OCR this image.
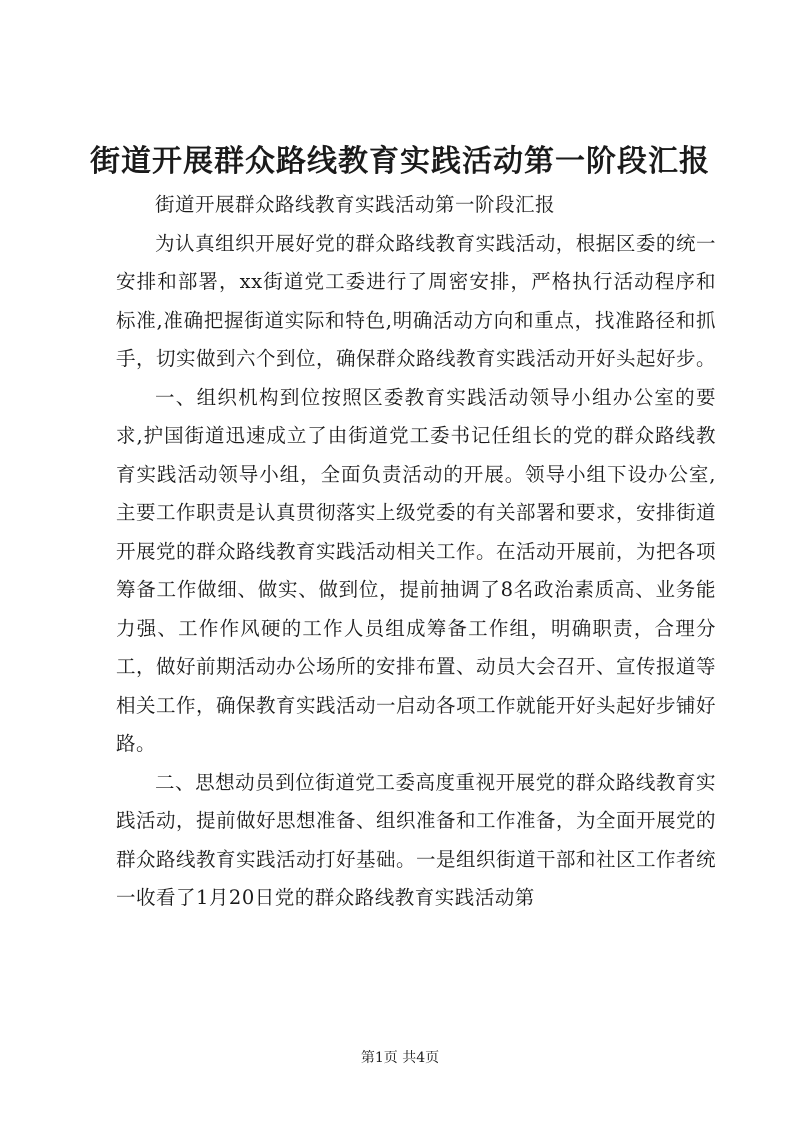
街道开展群众路线教育实践活动第一阶段汇报

街道开展群众路线教育实践活动第一阶段汇报

为认真组织开展好党的群众路线教育实践活动，根据区委的统一安排和部署，xx街道党工委进行了周密安排，严格执行活动程序和标准,准确把握街道实际和特色,明确活动方向和重点，找准路径和抓手，切实做到六个到位，确保群众路线教育实践活动开好头起好步。

一、组织机构到位按照区委教育实践活动领导小组办公室的要求,护国街道迅速成立了由街道党工委书记任组长的党的群众路线教育实践活动领导小组，全面负责活动的开展。领导小组下设办公室,主要工作职责是认真贯彻落实上级党委的有关部署和要求，安排街道开展党的群众路线教育实践活动相关工作。在活动开展前，为把各项筹备工作做细、做实、做到位，提前抽调了8名政治素质高、业务能力强、工作作风硬的工作人员组成筹备工作组，明确职责，合理分工，做好前期活动办公场所的安排布置、动员大会召开、宣传报道等相关工作，确保教育实践活动一启动各项工作就能开好头起好步铺好路。

二、思想动员到位街道党工委高度重视开展党的群众路线教育实践活动，提前做好思想准备、组织准备和工作准备，为全面开展党的群众路线教育实践活动打好基础。一是组织街道干部和社区工作者统一收看了1月20日党的群众路线教育实践活动第

第1页 共4页
